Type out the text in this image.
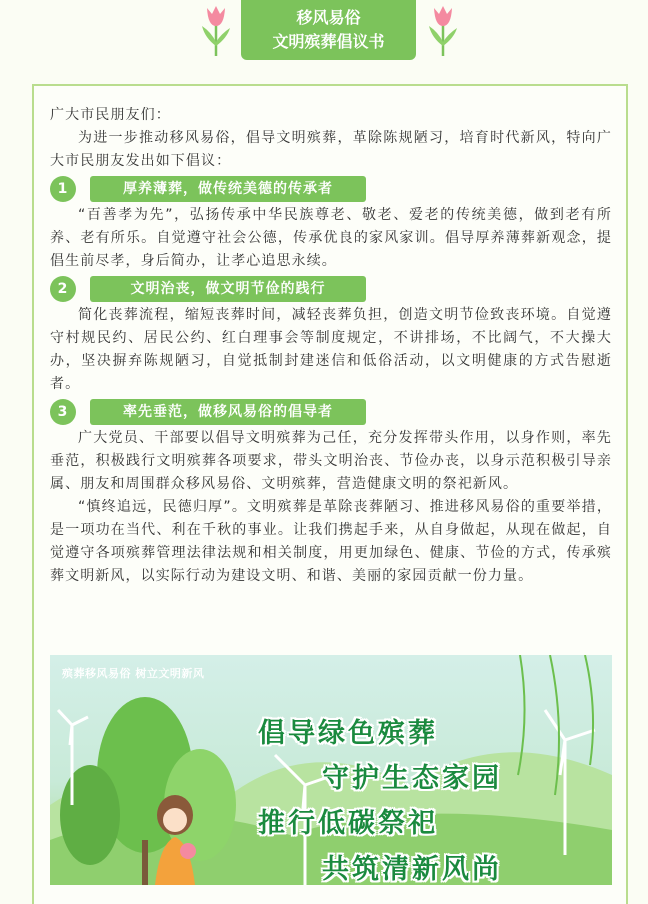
移风易俗
文明殡葬倡议书

广大市民朋友们：

为进一步推动移风易俗，倡导文明殡葬，革除陈规陋习，培育时代新风，特向广大市民朋友发出如下倡议：

1	厚养薄葬，做传统美德的传承者

“百善孝为先”，弘扬传承中华民族尊老、敬老、爱老的传统美德，做到老有所养、老有所乐。自觉遵守社会公德，传承优良的家风家训。倡导厚养薄葬新观念，提倡生前尽孝，身后简办，让孝心追思永续。

2	文明治丧，做文明节俭的践行

简化丧葬流程，缩短丧葬时间，减轻丧葬负担，创造文明节俭致丧环境。自觉遵守村规民约、居民公约、红白理事会等制度规定，不讲排场，不比阔气，不大操大办，坚决摒弃陈规陋习，自觉抵制封建迷信和低俗活动，以文明健康的方式告慰逝者。

3	率先垂范，做移风易俗的倡导者

广大党员、干部要以倡导文明殡葬为己任，充分发挥带头作用，以身作则，率先垂范，积极践行文明殡葬各项要求，带头文明治丧、节俭办丧，以身示范积极引导亲属、朋友和周围群众移风易俗、文明殡葬，营造健康文明的祭祀新风。

“慎终追远，民德归厚”。文明殡葬是革除丧葬陋习、推进移风易俗的重要举措，是一项功在当代、利在千秋的事业。让我们携起手来，从自身做起，从现在做起，自觉遵守各项殡葬管理法律法规和相关制度，用更加绿色、健康、节俭的方式，传承殡葬文明新风，以实际行动为建设文明、和谐、美丽的家园贡献一份力量。

殡葬移风易俗 树立文明新风
倡导绿色殡葬
守护生态家园
推行低碳祭祀
共筑清新风尚
